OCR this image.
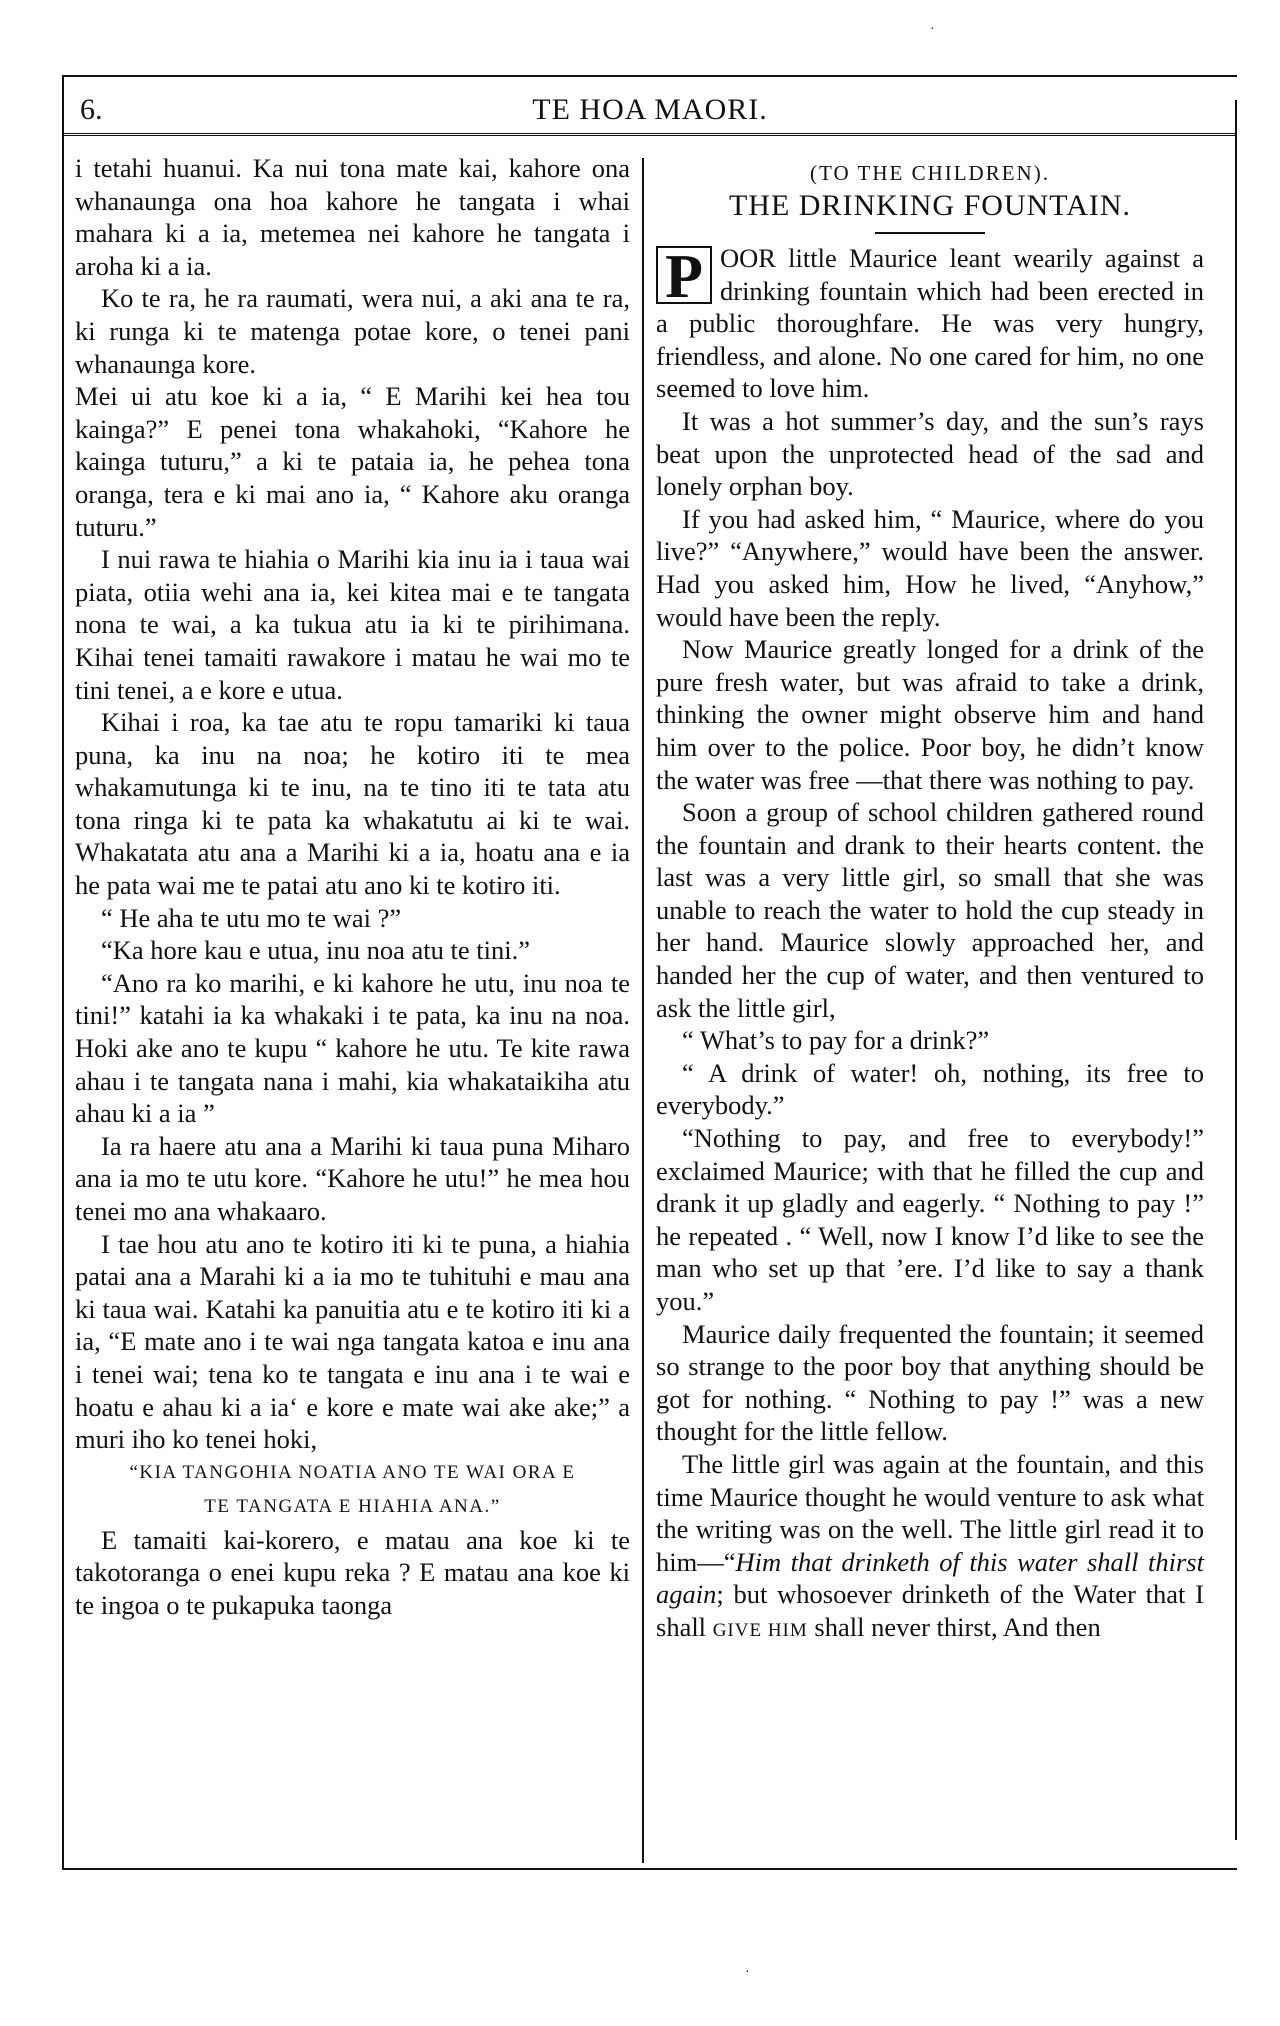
6.	TE HOA MAORI.

i tetahi huanui. Ka nui tona mate kai, kahore ona whanaunga ona hoa kahore he tangata i whai mahara ki a ia, metemea nei kahore he tangata i aroha ki a ia.

Ko te ra, he ra raumati, wera nui, a aki ana te ra, ki runga ki te matenga potae kore, o tenei pani whanaunga kore.

Mei ui atu koe ki a ia, “ E Marihi kei hea tou kainga?” E penei tona whakahoki, “Kahore he kainga tuturu,” a ki te pataia ia, he pehea tona oranga, tera e ki mai ano ia, “ Kahore aku oranga tuturu.”

I nui rawa te hiahia o Marihi kia inu ia i taua wai piata, otiia wehi ana ia, kei kitea mai e te tangata nona te wai, a ka tukua atu ia ki te pirihimana. Kihai tenei tamaiti rawakore i matau he wai mo te tini tenei, a e kore e utua.

Kihai i roa, ka tae atu te ropu tamariki ki taua puna, ka inu na noa; he kotiro iti te mea whakamutunga ki te inu, na te tino iti te tata atu tona ringa ki te pata ka whakatutu ai ki te wai. Whakatata atu ana a Marihi ki a ia, hoatu ana e ia he pata wai me te patai atu ano ki te kotiro iti.

“ He aha te utu mo te wai ?”

“Ka hore kau e utua, inu noa atu te tini.”

“Ano ra ko marihi, e ki kahore he utu, inu noa te tini!” katahi ia ka whakaki i te pata, ka inu na noa. Hoki ake ano te kupu “ kahore he utu. Te kite rawa ahau i te tangata nana i mahi, kia whakataikiha atu ahau ki a ia ”

Ia ra haere atu ana a Marihi ki taua puna Miharo ana ia mo te utu kore. “Kahore he utu!” he mea hou tenei mo ana whakaaro.

I tae hou atu ano te kotiro iti ki te puna, a hiahia patai ana a Marahi ki a ia mo te tuhituhi e mau ana ki taua wai. Katahi ka panuitia atu e te kotiro iti ki a ia, “E mate ano i te wai nga tangata katoa e inu ana i tenei wai; tena ko te tangata e inu ana i te wai e hoatu e ahau ki a ia‘ e kore e mate wai ake ake;” a muri iho ko tenei hoki,

“KIA TANGOHIA NOATIA ANO TE WAI ORA E
TE TANGATA E HIAHIA ANA.”

E tamaiti kai-korero, e matau ana koe ki te takotoranga o enei kupu reka ? E matau ana koe ki te ingoa o te pukapuka taonga

(TO THE CHILDREN).
THE DRINKING FOUNTAIN.

P OOR little Maurice leant wearily against a drinking fountain which had been erected in a public thoroughfare. He was very hungry, friendless, and alone. No one cared for him, no one seemed to love him.

It was a hot summer’s day, and the sun’s rays beat upon the unprotected head of the sad and lonely orphan boy.

If you had asked him, “ Maurice, where do you live?” “Anywhere,” would have been the answer. Had you asked him, How he lived, “Anyhow,” would have been the reply.

Now Maurice greatly longed for a drink of the pure fresh water, but was afraid to take a drink, thinking the owner might observe him and hand him over to the police. Poor boy, he didn’t know the water was free —that there was nothing to pay.

Soon a group of school children gathered round the fountain and drank to their hearts content. the last was a very little girl, so small that she was unable to reach the water to hold the cup steady in her hand. Maurice slowly approached her, and handed her the cup of water, and then ventured to ask the little girl,

“ What’s to pay for a drink?”

“ A drink of water! oh, nothing, its free to everybody.”

“Nothing to pay, and free to everybody!” exclaimed Maurice; with that he filled the cup and drank it up gladly and eagerly. “ Nothing to pay !” he repeated . “ Well, now I know I’d like to see the man who set up that ’ere. I’d like to say a thank you.”

Maurice daily frequented the fountain; it seemed so strange to the poor boy that anything should be got for nothing. “ Nothing to pay !” was a new thought for the little fellow.

The little girl was again at the fountain, and this time Maurice thought he would venture to ask what the writing was on the well. The little girl read it to him—“Him that drinketh of this water shall thirst again; but whosoever drinketh of the Water that I shall GIVE HIM shall never thirst, And then

·
·
